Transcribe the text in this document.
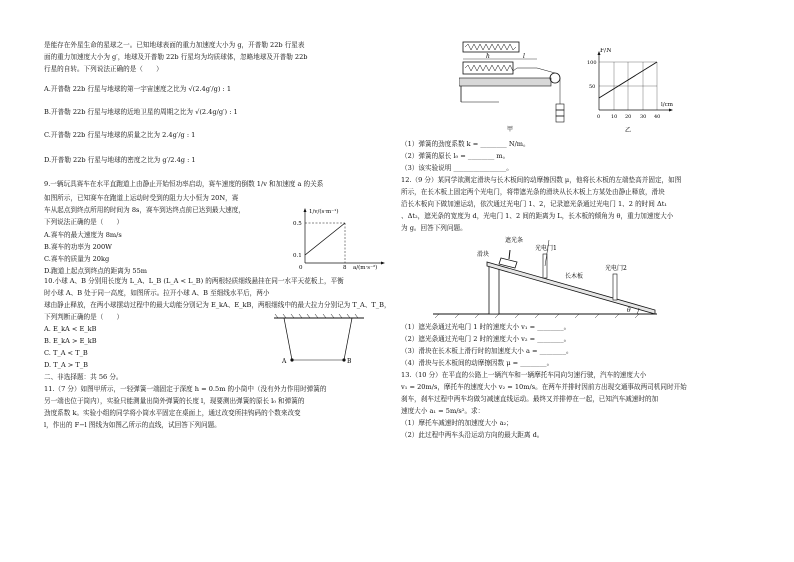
是能存在外星生命的星球之一。已知地球表面的重力加速度大小为 g，开普勒 22b 行星表
面的重力加速度大小为 g′，地球及开普勒 22b 行星均为均质球体，忽略地球及开普勒 22b
行星的自转。下列说法正确的是（　　）
A.开普勒 22b 行星与地球的第一宇宙速度之比为 √(2.4g′/g) : 1
B.开普勒 22b 行星与地球的近地卫星的周期之比为 √(2.4g/g′) : 1
C.开普勒 22b 行星与地球的质量之比为 2.4g′/g : 1
D.开普勒 22b 行星与地球的密度之比为 g′/2.4g : 1
9.一辆玩具赛车在水平直跑道上由静止开始恒功率启动，赛车速度的倒数 1/v 和加速度 a 的关系
如图所示，已知赛车在跑道上运动时受到的阻力大小恒为 20N，赛
车从起点到终点所用的时间为 8s，赛车到达终点前已达到最大速度，
下列说法正确的是（　　）
A.赛车的最大速度为 8m/s
B.赛车的功率为 200W
C.赛车的质量为 20kg
D.跑道上起点到终点的距离为 55m
1/v/(s·m⁻¹)
0.5
0.1
0	8 a/(m·s⁻²)
10.小球 A、B 分别用长度为 L_A、L_B (L_A < L_B) 的两根轻质细线悬挂在同一水平天花板上，平衡
时小球 A、B 处于同一高度，如图所示。拉开小球 A、B 至细线水平后，两小
球由静止释放，在两小球摆动过程中的最大动能分别记为 E_kA、E_kB，两根细线中的最大拉力分别记为 T_A、T_B，
下列判断正确的是（　　）
A. E_kA < E_kB
B. E_kA > E_kB
C. T_A < T_B
D. T_A > T_B	A	B
二、非选择题：共 56 分。
11.（7 分）如图甲所示，一轻弹簧一端固定于深度 h = 0.5m 的小筒中（没有外力作用时弹簧的
另一端也位于筒内），实验只能测量出筒外弹簧的长度 l，现要测出弹簧的原长 l₀ 和弹簧的
劲度系数 k。实验小组的同学将小筒水平固定在桌面上，通过改变所挂钩码的个数来改变
l，作出的 F−l 图线为如图乙所示的直线，试回答下列问题。
h	l
甲
F/N
100
50
0 10 20 30 40
l/cm
乙
（1）弹簧的劲度系数 k = ________ N/m。
（2）弹簧的原长 l₀ = ________ m。
（3）该实验说明 ________________。
12.（9 分）某同学欲测定滑块与长木板间的动摩擦因数 μ，他将长木板的左端垫高并固定，如图
所示，在长木板上固定两个光电门，将带遮光条的滑块从长木板上方某处由静止释放，滑块
沿长木板向下做加速运动，依次通过光电门 1、2，记录遮光条通过光电门 1、2 的时间 Δt₁
、Δt₂，遮光条的宽度为 d，光电门 1、2 间的距离为 L，长木板的倾角为 θ，重力加速度大小
为 g。回答下列问题。
遮光条
滑块
光电门1
光电门2
长木板
θ
（1）遮光条通过光电门 1 时的速度大小 v₁ = ________。
（2）遮光条通过光电门 2 时的速度大小 v₂ = ________。
（3）滑块在长木板上滑行时的加速度大小 a = ________。
（4）滑块与长木板间的动摩擦因数 μ = ________。
13.（10 分）在平直的公路上一辆汽车和一辆摩托车同向匀速行驶，汽车的速度大小
v₁ = 20m/s，摩托车的速度大小 v₂ = 10m/s。在两车并排时因前方出现交通事故两司机同时开始
刹车，刹车过程中两车均做匀减速直线运动。最终又并排停在一起，已知汽车减速时的加
速度大小 a₁ = 5m/s²。求：
（1）摩托车减速时的加速度大小 a₂；
（2）此过程中两车头沿运动方向的最大距离 d。
